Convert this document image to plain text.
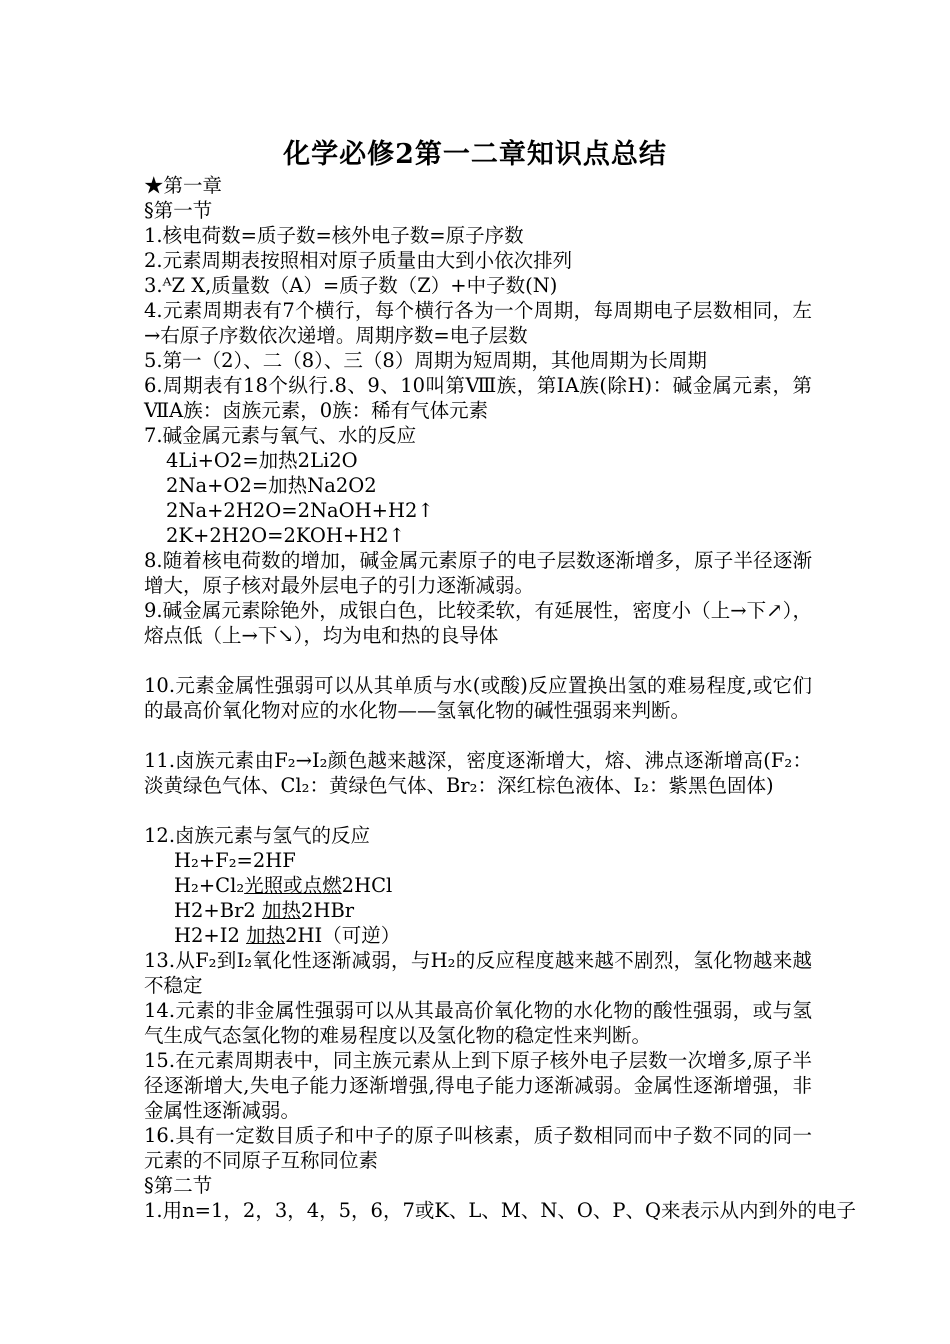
化学必修2第一二章知识点总结
★第一章
§第一节
1.核电荷数=质子数=核外电子数=原子序数
2.元素周期表按照相对原子质量由大到小依次排列
3.ᴬZ X,质量数（A）=质子数（Z）+中子数(N)
4.元素周期表有7个横行，每个横行各为一个周期，每周期电子层数相同，左→右原子序数依次递增。周期序数=电子层数
5.第一（2）、二（8）、三（8）周期为短周期，其他周期为长周期
6.周期表有18个纵行.8、9、10叫第Ⅷ族，第ⅠA族(除H)：碱金属元素，第ⅦA族：卤族元素，0族：稀有气体元素
7.碱金属元素与氧气、水的反应
4Li+O2=加热2Li2O
2Na+O2=加热Na2O2
2Na+2H2O=2NaOH+H2↑
2K+2H2O=2KOH+H2↑
8.随着核电荷数的增加，碱金属元素原子的电子层数逐渐增多，原子半径逐渐增大，原子核对最外层电子的引力逐渐减弱。
9.碱金属元素除铯外，成银白色，比较柔软，有延展性，密度小（上→下↗），熔点低（上→下↘），均为电和热的良导体
10.元素金属性强弱可以从其单质与水(或酸)反应置换出氢的难易程度,或它们的最高价氧化物对应的水化物——氢氧化物的碱性强弱来判断。
11.卤族元素由F₂→I₂颜色越来越深，密度逐渐增大，熔、沸点逐渐增高(F₂：淡黄绿色气体、Cl₂：黄绿色气体、Br₂：深红棕色液体、I₂：紫黑色固体)
12.卤族元素与氢气的反应
H₂+F₂=2HF
H₂+Cl₂光照或点燃2HCl
H2+Br2 加热2HBr
H2+I2 加热2HI（可逆）
13.从F₂到I₂氧化性逐渐减弱，与H₂的反应程度越来越不剧烈，氢化物越来越不稳定
14.元素的非金属性强弱可以从其最高价氧化物的水化物的酸性强弱，或与氢气生成气态氢化物的难易程度以及氢化物的稳定性来判断。
15.在元素周期表中，同主族元素从上到下原子核外电子层数一次增多,原子半径逐渐增大,失电子能力逐渐增强,得电子能力逐渐减弱。金属性逐渐增强，非金属性逐渐减弱。
16.具有一定数目质子和中子的原子叫核素，质子数相同而中子数不同的同一元素的不同原子互称同位素
§第二节
1.用n=1，2，3，4，5，6，7或K、L、M、N、O、P、Q来表示从内到外的电子
